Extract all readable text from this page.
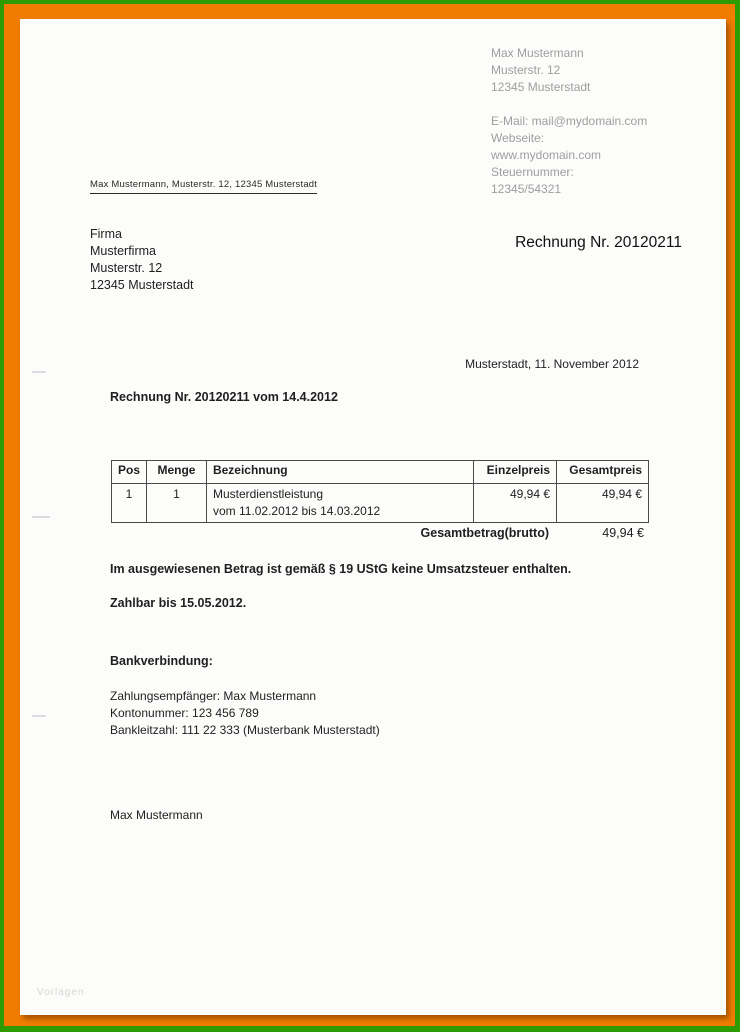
Max Mustermann
Musterstr. 12
12345 Musterstadt
E-Mail: mail@mydomain.com
Webseite:
www.mydomain.com
Steuernummer:
12345/54321
Max Mustermann, Musterstr. 12, 12345 Musterstadt
Firma
Musterfirma
Musterstr. 12
12345 Musterstadt
Rechnung Nr. 20120211
Musterstadt, 11. November 2012
Rechnung Nr. 20120211 vom 14.4.2012
Pos	Menge	Bezeichnung	Einzelpreis	Gesamtpreis
1	1	Musterdienstleistung
vom 11.02.2012 bis 14.03.2012	49,94 €	49,94 €
Gesamtbetrag(brutto)	49,94 €
Im ausgewiesenen Betrag ist gemäß § 19 UStG keine Umsatzsteuer enthalten.
Zahlbar bis 15.05.2012.
Bankverbindung:
Zahlungsempfänger: Max Mustermann
Kontonummer: 123 456 789
Bankleitzahl: 111 22 333 (Musterbank Musterstadt)
Max Mustermann
Vorlagen
